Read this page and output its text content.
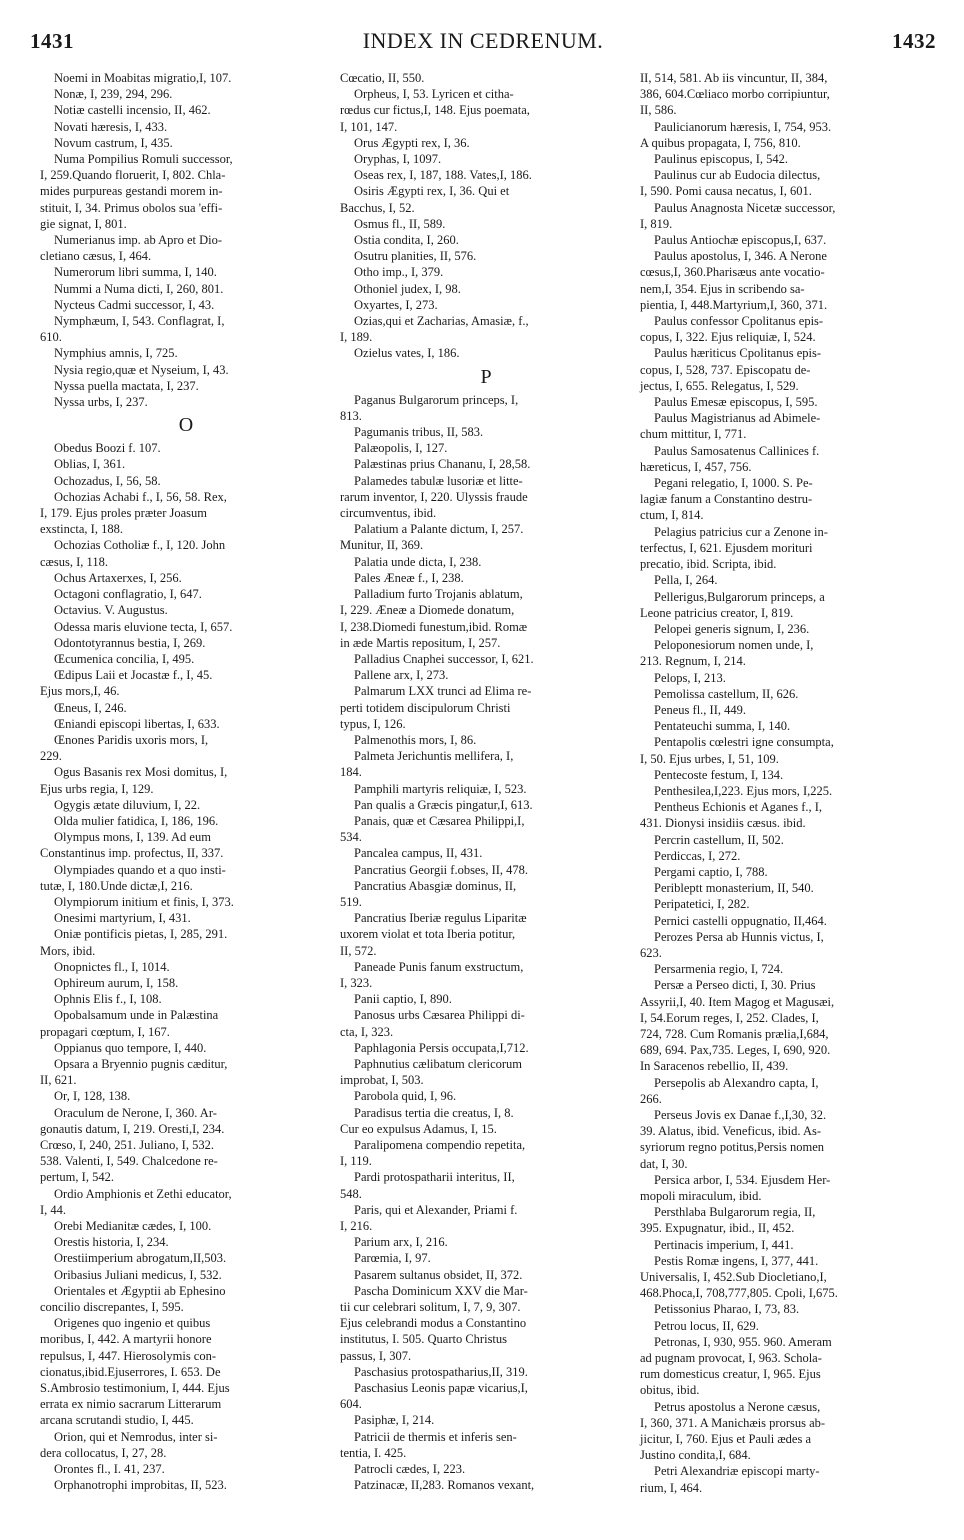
1431	INDEX IN CEDRENUM.	1432

Noemi in Moabitas migratio,I, 107.

Nonæ, I, 239, 294, 296.

Notiæ castelli incensio, II, 462.

Novati hæresis, I, 433.

Novum castrum, I, 435.

Numa Pompilius Romuli successor,

I, 259.Quando floruerit, I, 802. Chla-

mides purpureas gestandi morem in-

stituit, I, 34. Primus obolos sua 'effi-

gie signat, I, 801.

Numerianus imp. ab Apro et Dio-

cletiano cæsus, I, 464.

Numerorum libri summa, I, 140.

Nummi a Numa dicti, I, 260, 801.

Nycteus Cadmi successor, I, 43.

Nymphæum, I, 543. Conflagrat, I,

610.

Nymphius amnis, I, 725.

Nysia regio,quæ et Nyseium, I, 43.

Nyssa puella mactata, I, 237.

Nyssa urbs, I, 237.

O

Obedus Boozi f. 107.

Oblias, I, 361.

Ochozadus, I, 56, 58.

Ochozias Achabi f., I, 56, 58. Rex,

I, 179. Ejus proles præter Joasum

exstincta, I, 188.

Ochozias Cotholiæ f., I, 120. John

cæsus, I, 118.

Ochus Artaxerxes, I, 256.

Octagoni conflagratio, I, 647.

Octavius. V. Augustus.

Odessa maris eluvione tecta, I, 657.

Odontotyrannus bestia, I, 269.

Œcumenica concilia, I, 495.

Œdipus Laii et Jocastæ f., I, 45.

Ejus mors,I, 46.

Œneus, I, 246.

Œniandi episcopi libertas, I, 633.

Œnones Paridis uxoris mors, I,

229.

Ogus Basanis rex Mosi domitus, I,

Ejus urbs regia, I, 129.

Ogygis ætate diluvium, I, 22.

Olda mulier fatidica, I, 186, 196.

Olympus mons, I, 139. Ad eum

Constantinus imp. profectus, II, 337.

Olympiades quando et a quo insti-

tutæ, I, 180.Unde dictæ,I, 216.

Olympiorum initium et finis, I, 373.

Onesimi martyrium, I, 431.

Oniæ pontificis pietas, I, 285, 291.

Mors, ibid.

Onopnictes fl., I, 1014.

Ophireum aurum, I, 158.

Ophnis Elis f., I, 108.

Opobalsamum unde in Palæstina

propagari cœptum, I, 167.

Oppianus quo tempore, I, 440.

Opsara a Bryennio pugnis cæditur,

II, 621.

Or, I, 128, 138.

Oraculum de Nerone, I, 360. Ar-

gonautis datum, I, 219. Oresti,I, 234.

Crœso, I, 240, 251. Juliano, I, 532.

538. Valenti, I, 549. Chalcedone re-

pertum, I, 542.

Ordio Amphionis et Zethi educator,

I, 44.

Orebi Medianitæ cædes, I, 100.

Orestis historia, I, 234.

Orestiimperium abrogatum,II,503.

Oribasius Juliani medicus, I, 532.

Orientales et Ægyptii ab Ephesino

concilio discrepantes, I, 595.

Origenes quo ingenio et quibus

moribus, I, 442. A martyrii honore

repulsus, I, 447. Hierosolymis con-

cionatus,ibid.Ejuserrores, I. 653. De

S.Ambrosio testimonium, I, 444. Ejus

errata ex nimio sacrarum Litterarum

arcana scrutandi studio, I, 445.

Orion, qui et Nemrodus, inter si-

dera collocatus, I, 27, 28.

Orontes fl., I. 41, 237.

Orphanotrophi improbitas, II, 523.

Cœcatio, II, 550.

Orpheus, I, 53. Lyricen et citha-

rœdus cur fictus,I, 148. Ejus poemata,

I, 101, 147.

Orus Ægypti rex, I, 36.

Oryphas, I, 1097.

Oseas rex, I, 187, 188. Vates,I, 186.

Osiris Ægypti rex, I, 36. Qui et

Bacchus, I, 52.

Osmus fl., II, 589.

Ostia condita, I, 260.

Osutru planities, II, 576.

Otho imp., I, 379.

Othoniel judex, I, 98.

Oxyartes, I, 273.

Ozias,qui et Zacharias, Amasiæ, f.,

I, 189.

Ozielus vates, I, 186.

P

Paganus Bulgarorum princeps, I,

813.

Pagumanis tribus, II, 583.

Palæopolis, I, 127.

Palæstinas prius Chananu, I, 28,58.

Palamedes tabulæ lusoriæ et litte-

rarum inventor, I, 220. Ulyssis fraude

circumventus, ibid.

Palatium a Palante dictum, I, 257.

Munitur, II, 369.

Palatia unde dicta, I, 238.

Pales Æneæ f., I, 238.

Palladium furto Trojanis ablatum,

I, 229. Æneæ a Diomede donatum,

I, 238.Diomedi funestum,ibid. Romæ

in æde Martis repositum, I, 257.

Palladius Cnaphei successor, I, 621.

Pallene arx, I, 273.

Palmarum LXX trunci ad Elima re-

perti totidem discipulorum Christi

typus, I, 126.

Palmenothis mors, I, 86.

Palmeta Jerichuntis mellifera, I,

184.

Pamphili martyris reliquiæ, I, 523.

Pan qualis a Græcis pingatur,I, 613.

Panais, quæ et Cæsarea Philippi,I,

534.

Pancalea campus, II, 431.

Pancratius Georgii f.obses, II, 478.

Pancratius Abasgiæ dominus, II,

519.

Pancratius Iberiæ regulus Liparitæ

uxorem violat et tota Iberia potitur,

II, 572.

Paneade Punis fanum exstructum,

I, 323.

Panii captio, I, 890.

Panosus urbs Cæsarea Philippi di-

cta, I, 323.

Paphlagonia Persis occupata,I,712.

Paphnutius cælibatum clericorum

improbat, I, 503.

Parobola quid, I, 96.

Paradisus tertia die creatus, I, 8.

Cur eo expulsus Adamus, I, 15.

Paralipomena compendio repetita,

I, 119.

Pardi protospatharii interitus, II,

548.

Paris, qui et Alexander, Priami f.

I, 216.

Parium arx, I, 216.

Parœmia, I, 97.

Pasarem sultanus obsidet, II, 372.

Pascha Dominicum XXV die Mar-

tii cur celebrari solitum, I, 7, 9, 307.

Ejus celebrandi modus a Constantino

institutus, I. 505. Quarto Christus

passus, I, 307.

Paschasius protospatharius,II, 319.

Paschasius Leonis papæ vicarius,I,

604.

Pasiphæ, I, 214.

Patricii de thermis et inferis sen-

tentia, I. 425.

Patrocli cædes, I, 223.

Patzinacæ, II,283. Romanos vexant,

II, 514, 581. Ab iis vincuntur, II, 384,

386, 604.Cœliaco morbo corripiuntur,

II, 586.

Paulicianorum hæresis, I, 754, 953.

A quibus propagata, I, 756, 810.

Paulinus episcopus, I, 542.

Paulinus cur ab Eudocia dilectus,

I, 590. Pomi causa necatus, I, 601.

Paulus Anagnosta Nicetæ successor,

I, 819.

Paulus Antiochæ episcopus,I, 637.

Paulus apostolus, I, 346. A Nerone

cœsus,I, 360.Pharisæus ante vocatio-

nem,I, 354. Ejus in scribendo sa-

pientia, I, 448.Martyrium,I, 360, 371.

Paulus confessor Cpolitanus epis-

copus, I, 322. Ejus reliquiæ, I, 524.

Paulus hæriticus Cpolitanus epis-

copus, I, 528, 737. Episcopatu de-

jectus, I, 655. Relegatus, I, 529.

Paulus Emesæ episcopus, I, 595.

Paulus Magistrianus ad Abimele-

chum mittitur, I, 771.

Paulus Samosatenus Callinices f.

hæreticus, I, 457, 756.

Pegani relegatio, I, 1000. S. Pe-

lagiæ fanum a Constantino destru-

ctum, I, 814.

Pelagius patricius cur a Zenone in-

terfectus, I, 621. Ejusdem morituri

precatio, ibid. Scripta, ibid.

Pella, I, 264.

Pellerigus,Bulgarorum princeps, a

Leone patricius creator, I, 819.

Pelopei generis signum, I, 236.

Peloponesiorum nomen unde, I,

213. Regnum, I, 214.

Pelops, I, 213.

Pemolissa castellum, II, 626.

Peneus fl., II, 449.

Pentateuchi summa, I, 140.

Pentapolis cœlestri igne consumpta,

I, 50. Ejus urbes, I, 51, 109.

Pentecoste festum, I, 134.

Penthesilea,I,223. Ejus mors, I,225.

Pentheus Echionis et Aganes f., I,

431. Dionysi insidiis cæsus. ibid.

Percrin castellum, II, 502.

Perdiccas, I, 272.

Pergami captio, I, 788.

Peribleptt monasterium, II, 540.

Peripatetici, I, 282.

Pernici castelli oppugnatio, II,464.

Perozes Persa ab Hunnis victus, I,

623.

Persarmenia regio, I, 724.

Persæ a Perseo dicti, I, 30. Prius

Assyrii,I, 40. Item Magog et Magusæi,

I, 54.Eorum reges, I, 252. Clades, I,

724, 728. Cum Romanis prælia,I,684,

689, 694. Pax,735. Leges, I, 690, 920.

In Saracenos rebellio, II, 439.

Persepolis ab Alexandro capta, I,

266.

Perseus Jovis ex Danae f.,I,30, 32.

39. Alatus, ibid. Veneficus, ibid. As-

syriorum regno potitus,Persis nomen

dat, I, 30.

Persica arbor, I, 534. Ejusdem Her-

mopoli miraculum, ibid.

Persthlaba Bulgarorum regia, II,

395. Expugnatur, ibid., II, 452.

Pertinacis imperium, I, 441.

Pestis Romæ ingens, I, 377, 441.

Universalis, I, 452.Sub Diocletiano,I,

468.Phoca,I, 708,777,805. Cpoli, I,675.

Petissonius Pharao, I, 73, 83.

Petrou locus, II, 629.

Petronas, I, 930, 955. 960. Ameram

ad pugnam provocat, I, 963. Schola-

rum domesticus creatur, I, 965. Ejus

obitus, ibid.

Petrus apostolus a Nerone cæsus,

I, 360, 371. A Manichæis prorsus ab-

jicitur, I, 760. Ejus et Pauli ædes a

Justino condita,I, 684.

Petri Alexandriæ episcopi marty-

rium, I, 464.
